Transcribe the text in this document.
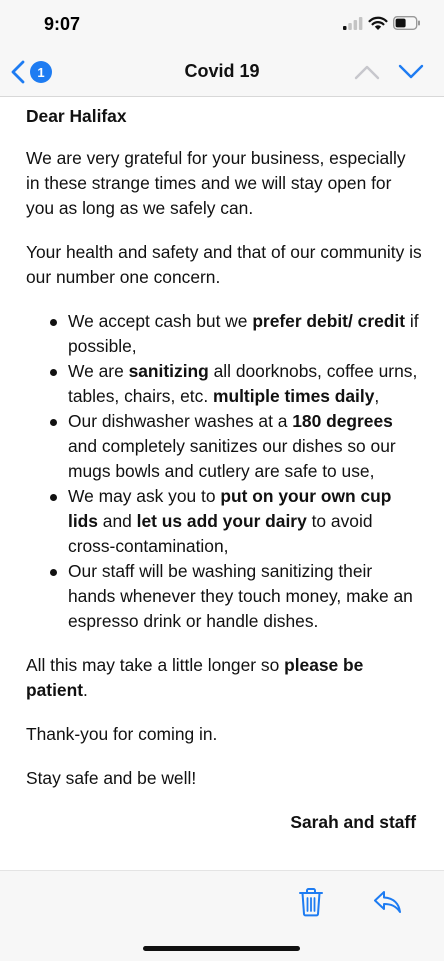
9:07
1	Covid 19

Dear Halifax

We are very grateful for your business, especially in these strange times and we will stay open for you as long as we safely can.

Your health and safety and that of our community is our number one concern.

We accept cash but we prefer debit/ credit if possible,
We are sanitizing all doorknobs, coffee urns, tables, chairs, etc. multiple times daily,
Our dishwasher washes at a 180 degrees and completely sanitizes our dishes so our mugs bowls and cutlery are safe to use,
We may ask you to put on your own cup lids and let us add your dairy to avoid cross-contamination,
Our staff will be washing sanitizing their hands whenever they touch money, make an espresso drink or handle dishes.

All this may take a little longer so please be patient.

Thank-you for coming in.

Stay safe and be well!

Sarah and staff
